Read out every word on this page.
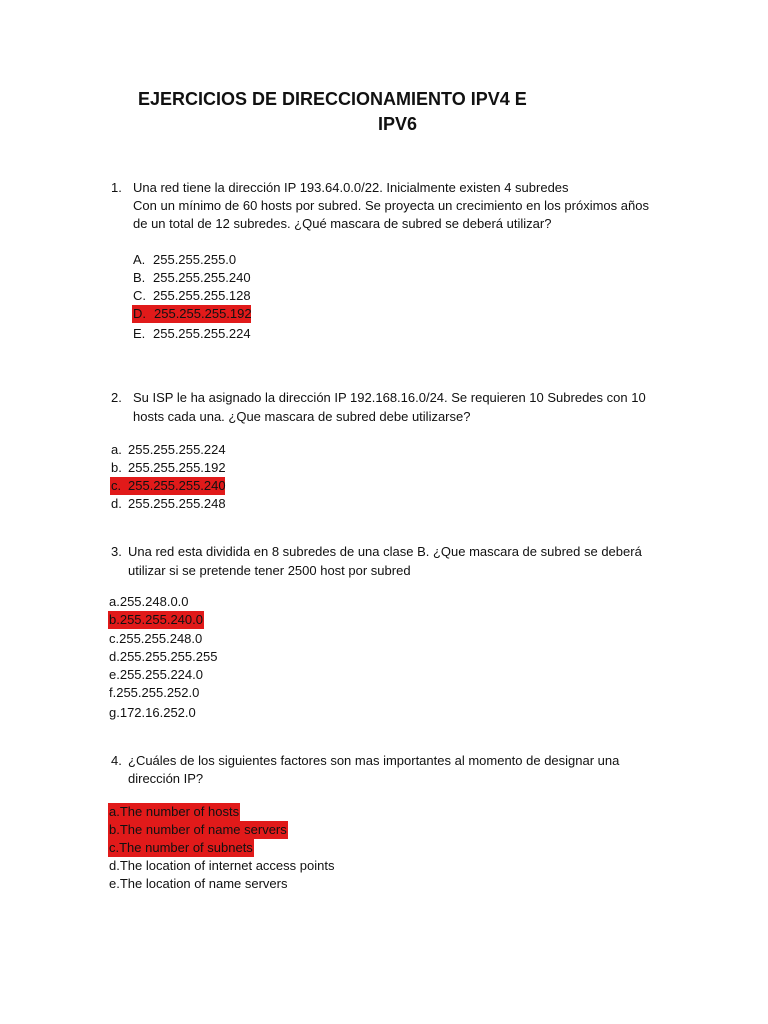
EJERCICIOS DE DIRECCIONAMIENTO IPV4 E
IPV6
1. Una red tiene la dirección IP 193.64.0.0/22. Inicialmente existen 4 subredes
Con un mínimo de 60 hosts por subred. Se proyecta un crecimiento en los próximos años
de un total de 12 subredes. ¿Qué mascara de subred se deberá utilizar?
A. 255.255.255.0
B. 255.255.255.240
C. 255.255.255.128
D. 255.255.255.192
E. 255.255.255.224
2. Su ISP le ha asignado la dirección IP 192.168.16.0/24. Se requieren 10 Subredes con 10
hosts cada una. ¿Que mascara de subred debe utilizarse?
a. 255.255.255.224
b. 255.255.255.192
c. 255.255.255.240
d. 255.255.255.248
3. Una red esta dividida en 8 subredes de una clase B. ¿Que mascara de subred se deberá
utilizar si se pretende tener 2500 host por subred
a.255.248.0.0
b.255.255.240.0
c.255.255.248.0
d.255.255.255.255
e.255.255.224.0
f.255.255.252.0
g.172.16.252.0
4. ¿Cuáles de los siguientes factores son mas importantes al momento de designar una
dirección IP?
a.The number of hosts
b.The number of name servers
c.The number of subnets
d.The location of internet access points
e.The location of name servers
